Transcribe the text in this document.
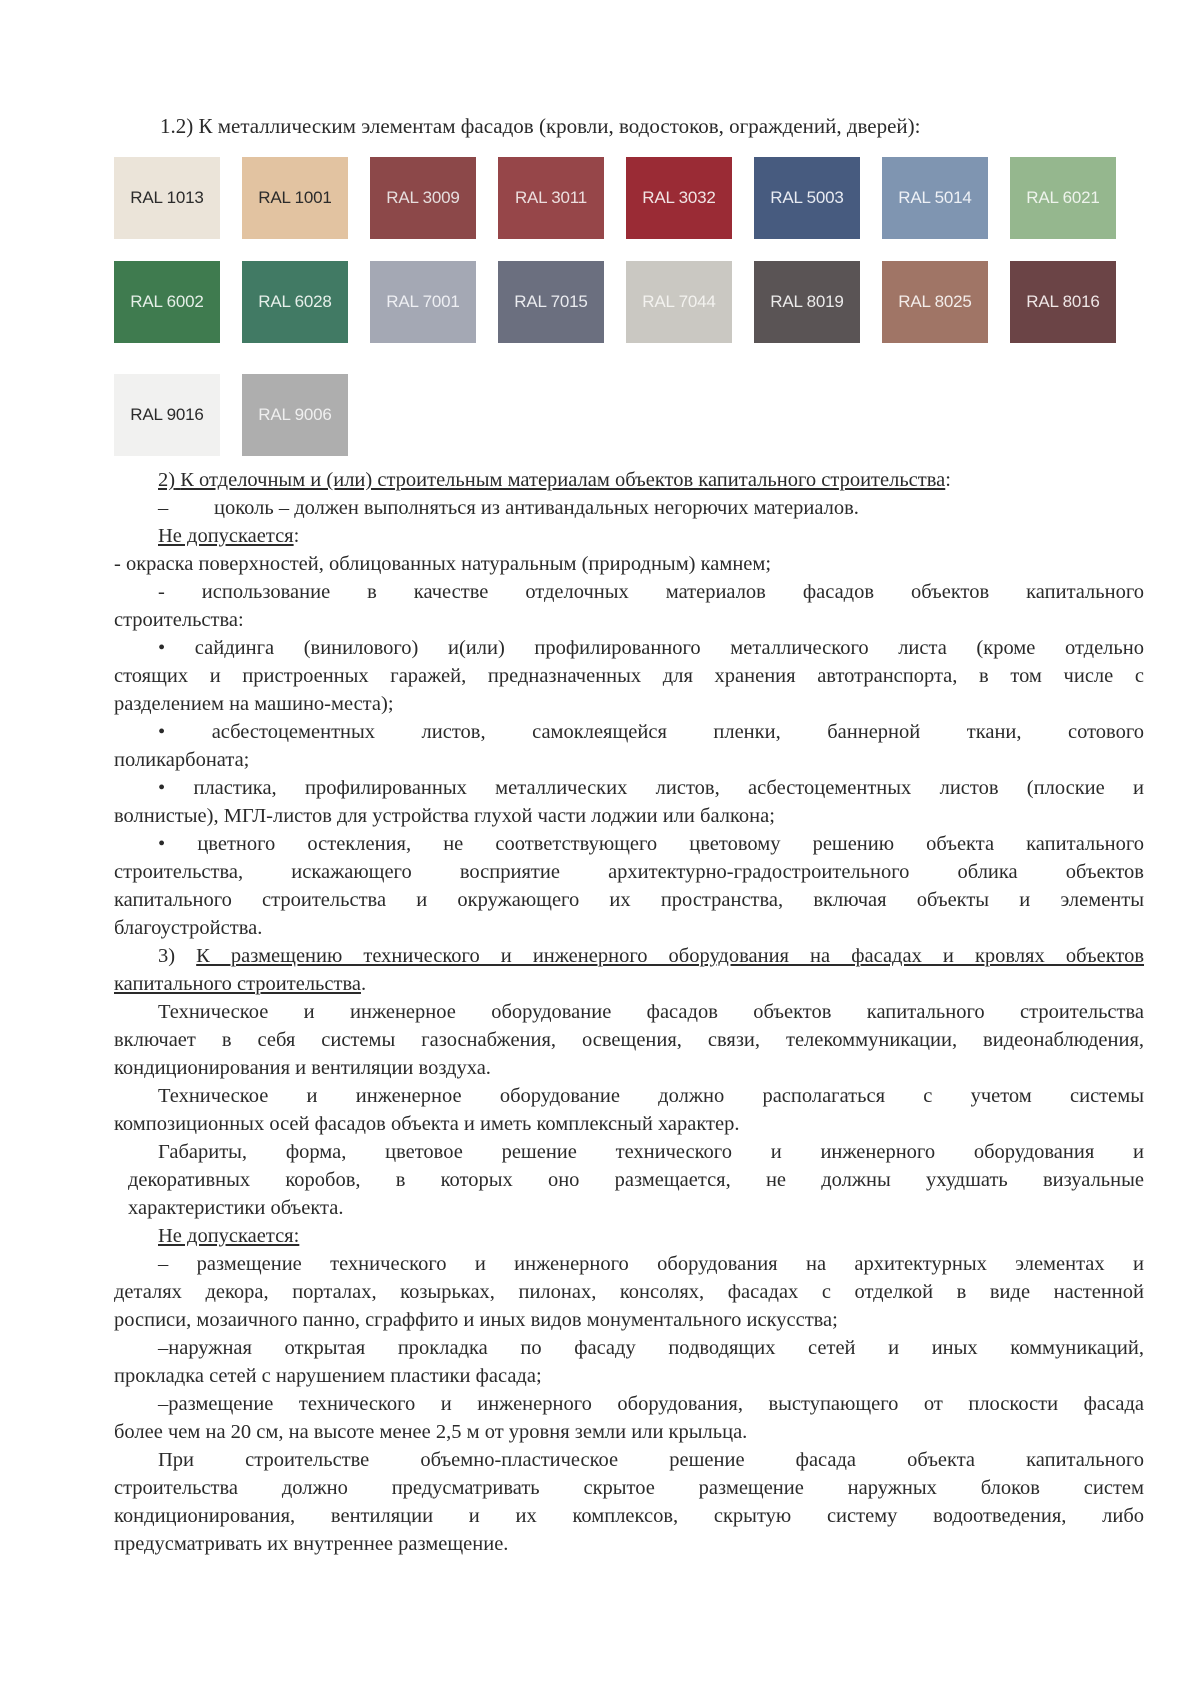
1.2) К металлическим элементам фасадов (кровли, водостоков, ограждений, дверей):
RAL 1013	RAL 1001	RAL 3009	RAL 3011	RAL 3032	RAL 5003	RAL 5014	RAL 6021
RAL 6002	RAL 6028	RAL 7001	RAL 7015	RAL 7044	RAL 8019	RAL 8025	RAL 8016
RAL 9016	RAL 9006
2) К отделочным и (или) строительным материалам объектов капитального строительства:
– цоколь – должен выполняться из антивандальных негорючих материалов.
Не допускается:
- окраска поверхностей, облицованных натуральным (природным) камнем;
- использование в качестве отделочных материалов фасадов объектов капитального
строительства:
• сайдинга (винилового) и(или) профилированного металлического листа (кроме отдельно
стоящих и пристроенных гаражей, предназначенных для хранения автотранспорта, в том числе с
разделением на машино-места);
• асбестоцементных листов, самоклеящейся пленки, баннерной ткани, сотового
поликарбоната;
• пластика, профилированных металлических листов, асбестоцементных листов (плоские и
волнистые), МГЛ-листов для устройства глухой части лоджии или балкона;
• цветного остекления, не соответствующего цветовому решению объекта капитального
строительства, искажающего восприятие архитектурно-градостроительного облика объектов
капитального строительства и окружающего их пространства, включая объекты и элементы
благоустройства.
3) К размещению технического и инженерного оборудования на фасадах и кровлях объектов
капитального строительства.
Техническое и инженерное оборудование фасадов объектов капитального строительства
включает в себя системы газоснабжения, освещения, связи, телекоммуникации, видеонаблюдения,
кондиционирования и вентиляции воздуха.
Техническое и инженерное оборудование должно располагаться с учетом системы
композиционных осей фасадов объекта и иметь комплексный характер.
Габариты, форма, цветовое решение технического и инженерного оборудования и
декоративных коробов, в которых оно размещается, не должны ухудшать визуальные
характеристики объекта.
Не допускается:
– размещение технического и инженерного оборудования на архитектурных элементах и
деталях декора, порталах, козырьках, пилонах, консолях, фасадах с отделкой в виде настенной
росписи, мозаичного панно, сграффито и иных видов монументального искусства;
–наружная открытая прокладка по фасаду подводящих сетей и иных коммуникаций,
прокладка сетей с нарушением пластики фасада;
–размещение технического и инженерного оборудования, выступающего от плоскости фасада
более чем на 20 см, на высоте менее 2,5 м от уровня земли или крыльца.
При строительстве объемно-пластическое решение фасада объекта капитального
строительства должно предусматривать скрытое размещение наружных блоков систем
кондиционирования, вентиляции и их комплексов, скрытую систему водоотведения, либо
предусматривать их внутреннее размещение.
